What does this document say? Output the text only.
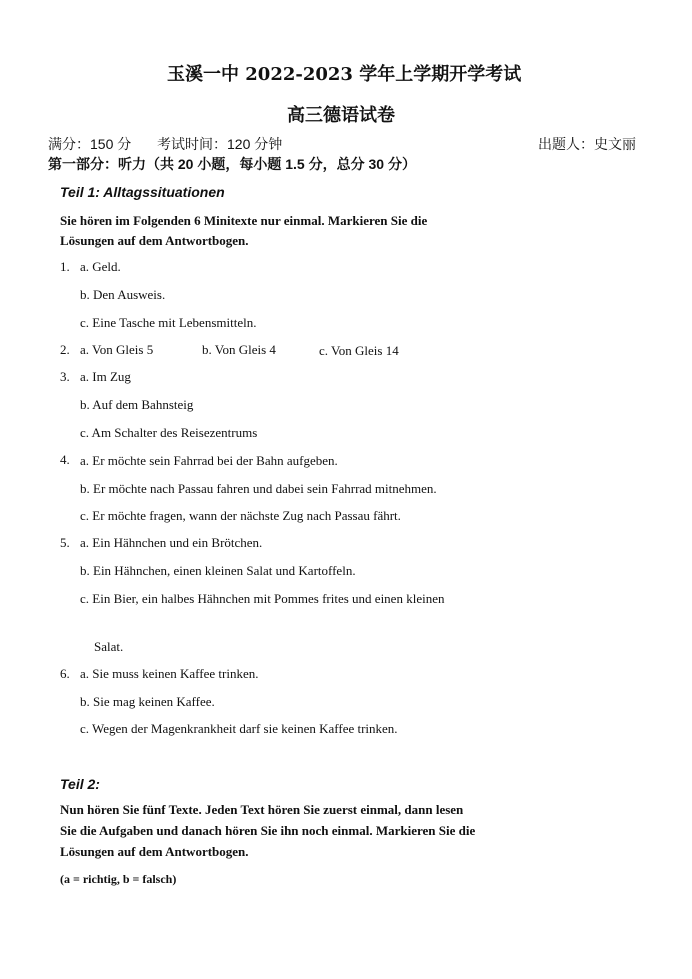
玉溪一中 2022-2023 学年上学期开学考试
高三德语试卷
满分：150 分 考试时间：120 分钟	出题人：史文丽
第一部分：听力（共 20 小题，每小题 1.5 分，总分 30 分）
Teil 1: Alltagssituationen
Sie hören im Folgenden 6 Minitexte nur einmal. Markieren Sie die
Lösungen auf dem Antwortbogen.
1. a. Geld.
b. Den Ausweis.
c. Eine Tasche mit Lebensmitteln.
2. a. Von Gleis 5	b. Von Gleis 4	c. Von Gleis 14
3. a. Im Zug
b. Auf dem Bahnsteig
c. Am Schalter des Reisezentrums
4. a. Er möchte sein Fahrrad bei der Bahn aufgeben.
b. Er möchte nach Passau fahren und dabei sein Fahrrad mitnehmen.
c. Er möchte fragen, wann der nächste Zug nach Passau fährt.
5. a. Ein Hähnchen und ein Brötchen.
b. Ein Hähnchen, einen kleinen Salat und Kartoffeln.
c. Ein Bier, ein halbes Hähnchen mit Pommes frites und einen kleinen
Salat.
6. a. Sie muss keinen Kaffee trinken.
b. Sie mag keinen Kaffee.
c. Wegen der Magenkrankheit darf sie keinen Kaffee trinken.
Teil 2:
Nun hören Sie fünf Texte. Jeden Text hören Sie zuerst einmal, dann lesen
Sie die Aufgaben und danach hören Sie ihn noch einmal. Markieren Sie die
Lösungen auf dem Antwortbogen.
(a = richtig, b = falsch)
